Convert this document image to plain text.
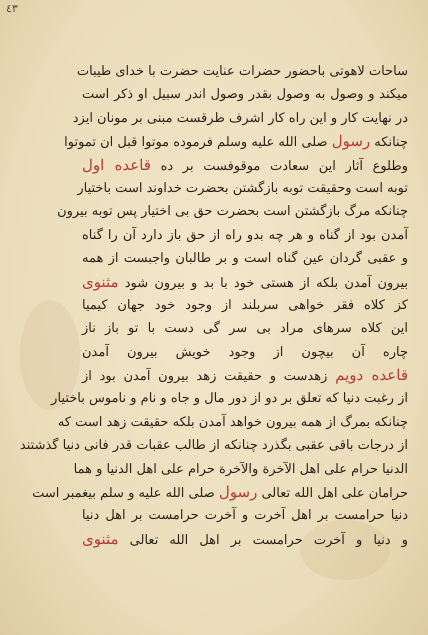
٤٣
ساحات لاهوتی باحضور حضرات عنایت حضرت با خدای طیبات
میکند و وصول به وصول بقدر وصول اندر سبیل او ذکر است
در نهایت کار و این راه کار اشرف طرقست مبنی بر مونان ایزد
چنانکه رسول صلی الله علیه وسلم فرموده موتوا قبل ان تموتوا
وطلوع آثار این سعادت موقوفست بر ده قاعده اول
توبه است وحقیقت توبه بازگشتن بحضرت خداوند است باختیار
چنانکه مرگ بازگشتن است بحضرت حق بی اختیار پس توبه بیرون
آمدن بود از گناه و هر چه بدو راه از حق باز دارد آن را گناه
و عقبی گردان عین گناه است و بر طالبان واجبست از همه
بیرون آمدن بلکه از هستی خود با بد و بیرون شود مثنوی
کز کلاه فقر خواهی سربلند از وجود خود جهان کیمیا
این کلاه سرهای مراد بی سر گی دست با تو باز ناز
چاره آن بیچون از وجود خویش بیرون آمدن
قاعده دویم زهدست و حقیقت زهد بیرون آمدن بود از
از رغبت دنیا که تعلق بر دو از دور مال و جاه و نام و ناموس باختیار
چنانکه بمرگ از همه بیرون خواهد آمدن بلکه حقیقت زهد است که
از درجات باقی عقبی بگذرد چنانکه از طالب عقبات قدر فانی دنیا گذشتند
الدنیا حرام علی اهل الآخرة والآخرة حرام علی اهل الدنیا و هما
حرامان علی اهل الله تعالی رسول صلی الله علیه و سلم بیغمبر است
دنیا حرامست بر اهل آخرت و آخرت حرامست بر اهل دنیا
و دنیا و آخرت حرامست بر اهل الله تعالی مثنوی
